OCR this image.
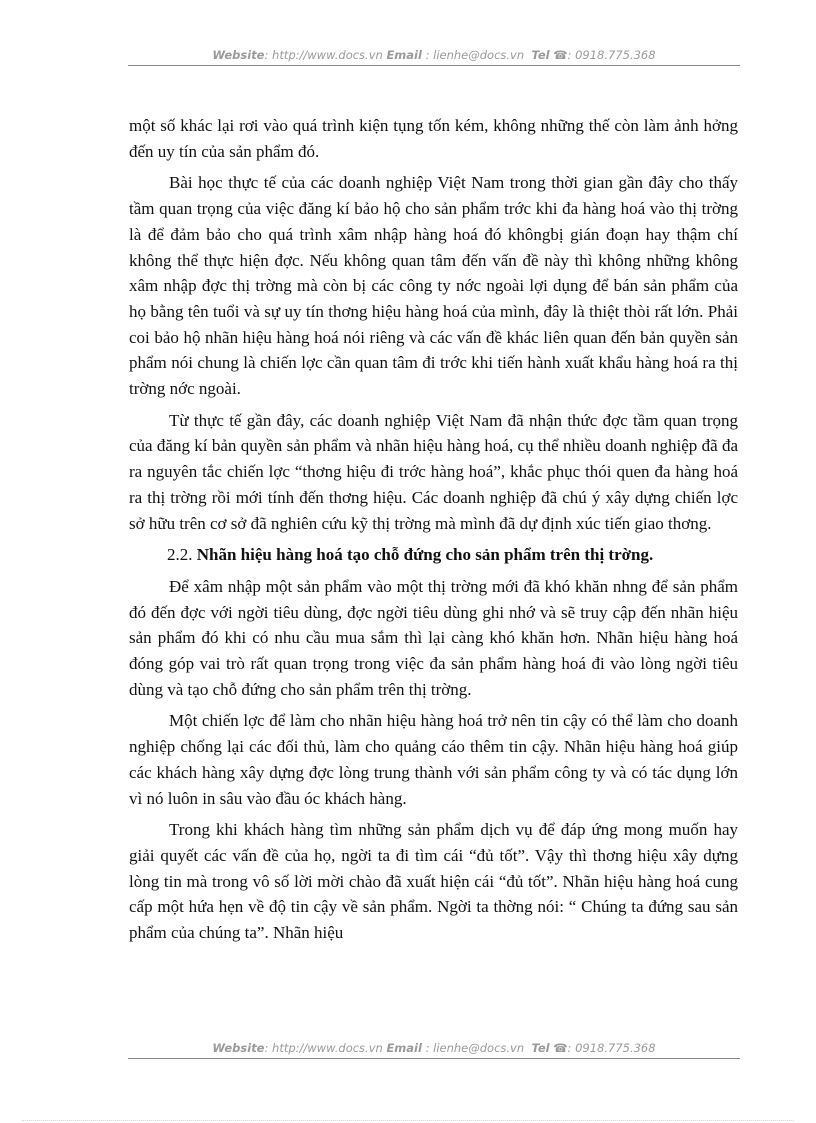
Website: http://www.docs.vn Email : lienhe@docs.vn Tel ☎: 0918.775.368

một số khác lại rơi vào quá trình kiện tụng tốn kém, không những thế còn làm ảnh hởng đến uy tín của sản phẩm đó.

Bài học thực tế của các doanh nghiệp Việt Nam trong thời gian gần đây cho thấy tầm quan trọng của việc đăng kí bảo hộ cho sản phẩm trớc khi đa hàng hoá vào thị trờng là để đảm bảo cho quá trình xâm nhập hàng hoá đó khôngbị gián đoạn hay thậm chí không thể thực hiện đợc. Nếu không quan tâm đến vấn đề này thì không những không xâm nhập đợc thị trờng mà còn bị các công ty nớc ngoài lợi dụng để bán sản phẩm của họ bằng tên tuổi và sự uy tín thơng hiệu hàng hoá của mình, đây là thiệt thòi rất lớn. Phải coi bảo hộ nhãn hiệu hàng hoá nói riêng và các vấn đề khác liên quan đến bản quyền sản phẩm nói chung là chiến lợc cần quan tâm đi trớc khi tiến hành xuất khẩu hàng hoá ra thị trờng nớc ngoài.

Từ thực tế gần đây, các doanh nghiệp Việt Nam đã nhận thức đợc tầm quan trọng của đăng kí bản quyền sản phẩm và nhãn hiệu hàng hoá, cụ thể nhiều doanh nghiệp đã đa ra nguyên tắc chiến lợc “thơng hiệu đi trớc hàng hoá”, khắc phục thói quen đa hàng hoá ra thị trờng rồi mới tính đến thơng hiệu. Các doanh nghiệp đã chú ý xây dựng chiến lợc sở hữu trên cơ sở đã nghiên cứu kỹ thị trờng mà mình đã dự định xúc tiến giao thơng.

2.2. Nhãn hiệu hàng hoá tạo chỗ đứng cho sản phẩm trên thị trờng.

Để xâm nhập một sản phẩm vào một thị trờng mới đã khó khăn nhng để sản phẩm đó đến đợc với ngời tiêu dùng, đợc ngời tiêu dùng ghi nhớ và sẽ truy cập đến nhãn hiệu sản phẩm đó khi có nhu cầu mua sắm thì lại càng khó khăn hơn. Nhãn hiệu hàng hoá đóng góp vai trò rất quan trọng trong việc đa sản phẩm hàng hoá đi vào lòng ngời tiêu dùng và tạo chỗ đứng cho sản phẩm trên thị trờng.

Một chiến lợc để làm cho nhãn hiệu hàng hoá trở nên tin cậy có thể làm cho doanh nghiệp chống lại các đối thủ, làm cho quảng cáo thêm tin cậy. Nhãn hiệu hàng hoá giúp các khách hàng xây dựng đợc lòng trung thành với sản phẩm công ty và có tác dụng lớn vì nó luôn in sâu vào đầu óc khách hàng.

Trong khi khách hàng tìm những sản phẩm dịch vụ để đáp ứng mong muốn hay giải quyết các vấn đề của họ, ngời ta đi tìm cái “đủ tốt”. Vậy thì thơng hiệu xây dựng lòng tin mà trong vô số lời mời chào đã xuất hiện cái “đủ tốt”. Nhãn hiệu hàng hoá cung cấp một hứa hẹn về độ tin cậy về sản phẩm. Ngời ta thờng nói: “ Chúng ta đứng sau sản phẩm của chúng ta”. Nhãn hiệu

Website: http://www.docs.vn Email : lienhe@docs.vn Tel ☎: 0918.775.368
